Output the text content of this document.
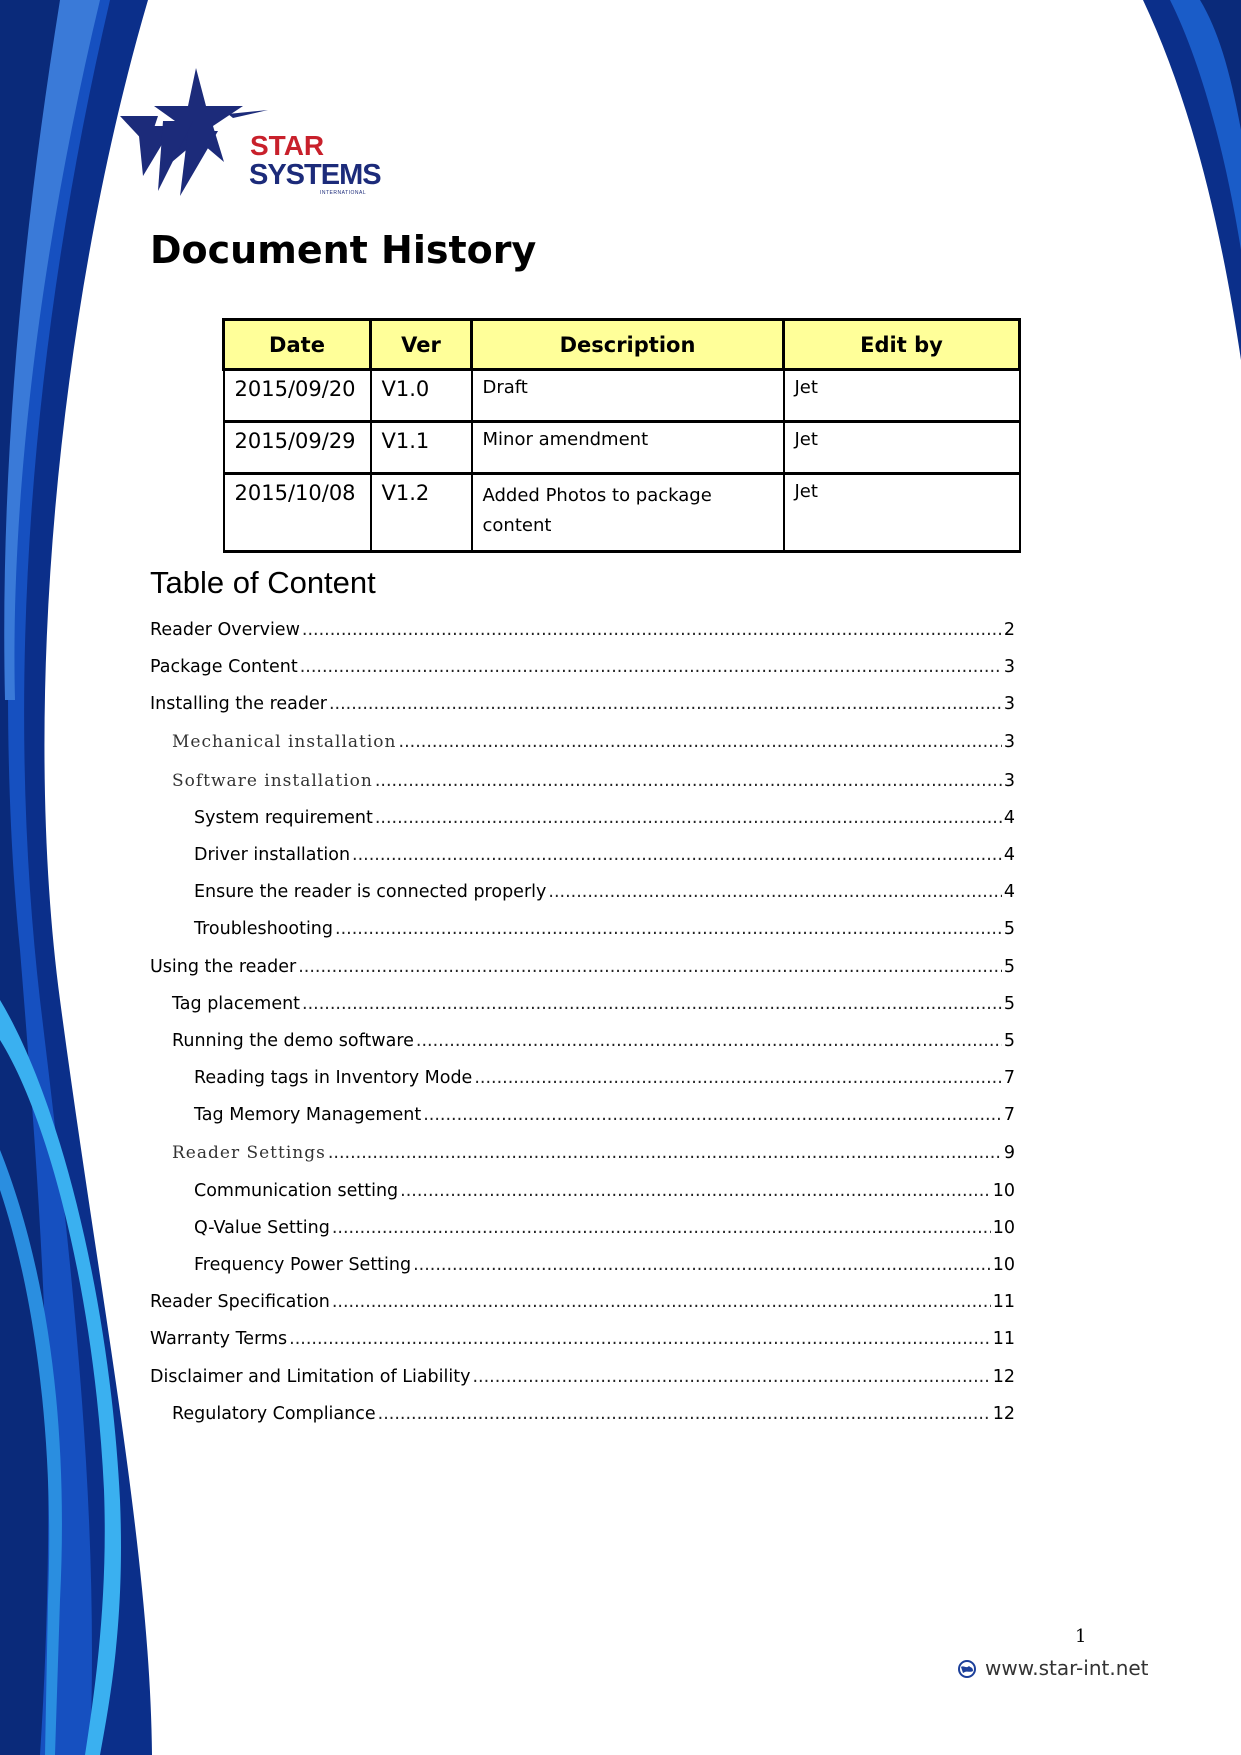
STAR
SYSTEMS
INTERNATIONAL
Document History
Date	Ver	Description	Edit by
2015/09/20	V1.0	Draft	Jet
2015/09/29	V1.1	Minor amendment	Jet
2015/10/08	V1.2	Added Photos to package content	Jet
Table of Content
Reader Overview .....	2
Package Content .....	3
Installing the reader .....	3
Mechanical installation .....	3
Software installation .....	3
System requirement .....	4
Driver installation .....	4
Ensure the reader is connected properly .....	4
Troubleshooting .....	5
Using the reader .....	5
Tag placement .....	5
Running the demo software .....	5
Reading tags in Inventory Mode .....	7
Tag Memory Management .....	7
Reader Settings .....	9
Communication setting .....	10
Q-Value Setting .....	10
Frequency Power Setting .....	10
Reader Specification .....	11
Warranty Terms .....	11
Disclaimer and Limitation of Liability .....	12
Regulatory Compliance .....	12
1
www.star-int.net
